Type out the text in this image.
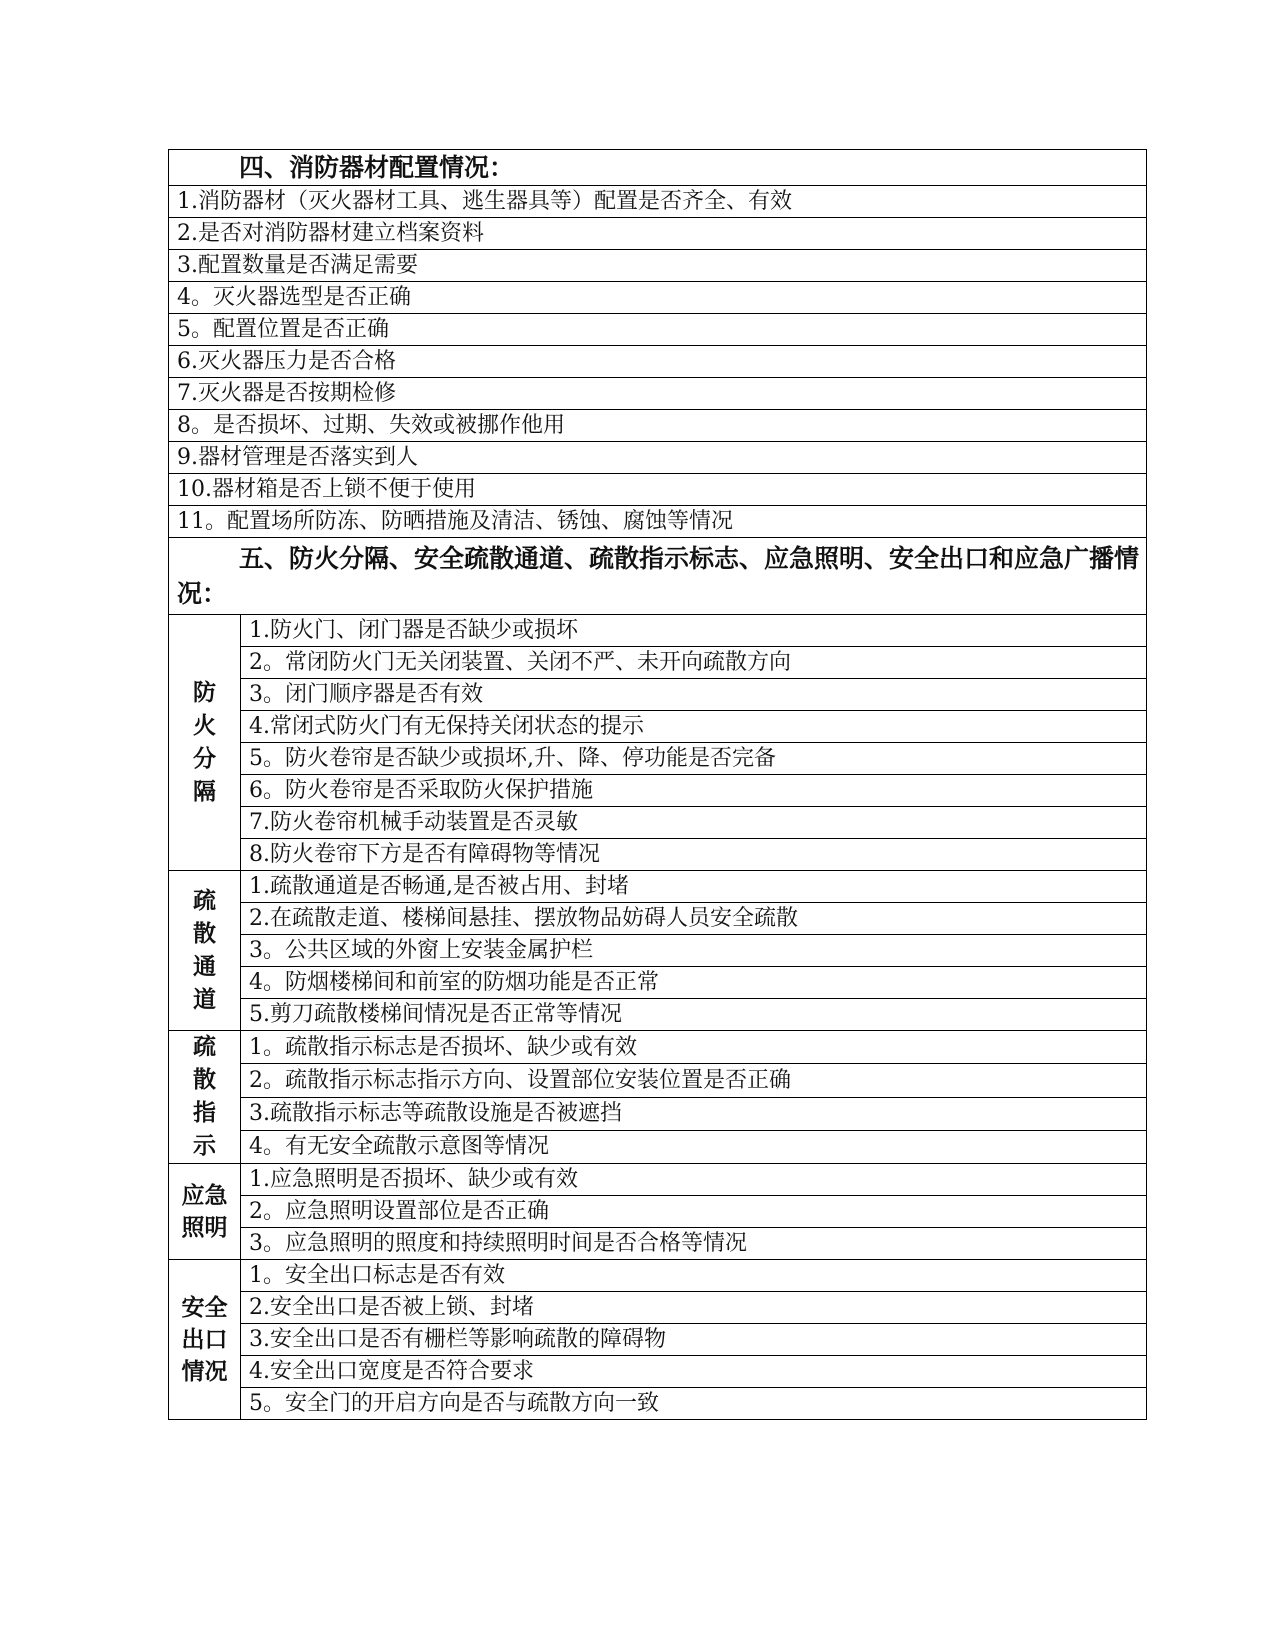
四、消防器材配置情况：	
1.消防器材（灭火器材工具、逃生器具等）配置是否齐全、有效	
2.是否对消防器材建立档案资料	
3.配置数量是否满足需要	
4。灭火器选型是否正确	
5。配置位置是否正确	
6.灭火器压力是否合格	
7.灭火器是否按期检修	
8。是否损坏、过期、失效或被挪作他用	
9.器材管理是否落实到人	
10.器材箱是否上锁不便于使用	
11。配置场所防冻、防晒措施及清洁、锈蚀、腐蚀等情况	
五、防火分隔、安全疏散通道、疏散指示标志、应急照明、安全出口和应急广播情况：	
防火分隔	1.防火门、闭门器是否缺少或损坏
	2。常闭防火门无关闭装置、关闭不严、未开向疏散方向
	3。闭门顺序器是否有效
	4.常闭式防火门有无保持关闭状态的提示
	5。防火卷帘是否缺少或损坏,升、降、停功能是否完备
	6。防火卷帘是否采取防火保护措施
	7.防火卷帘机械手动装置是否灵敏
	8.防火卷帘下方是否有障碍物等情况
疏散通道	1.疏散通道是否畅通,是否被占用、封堵
	2.在疏散走道、楼梯间悬挂、摆放物品妨碍人员安全疏散
	3。公共区域的外窗上安装金属护栏
	4。防烟楼梯间和前室的防烟功能是否正常
	5.剪刀疏散楼梯间情况是否正常等情况
疏散指示	1。疏散指示标志是否损坏、缺少或有效
	2。疏散指示标志指示方向、设置部位安装位置是否正确
	3.疏散指示标志等疏散设施是否被遮挡
	4。有无安全疏散示意图等情况
应急照明	1.应急照明是否损坏、缺少或有效
	2。应急照明设置部位是否正确
	3。应急照明的照度和持续照明时间是否合格等情况
安全出口情况	1。安全出口标志是否有效
	2.安全出口是否被上锁、封堵
	3.安全出口是否有栅栏等影响疏散的障碍物
	4.安全出口宽度是否符合要求
	5。安全门的开启方向是否与疏散方向一致
